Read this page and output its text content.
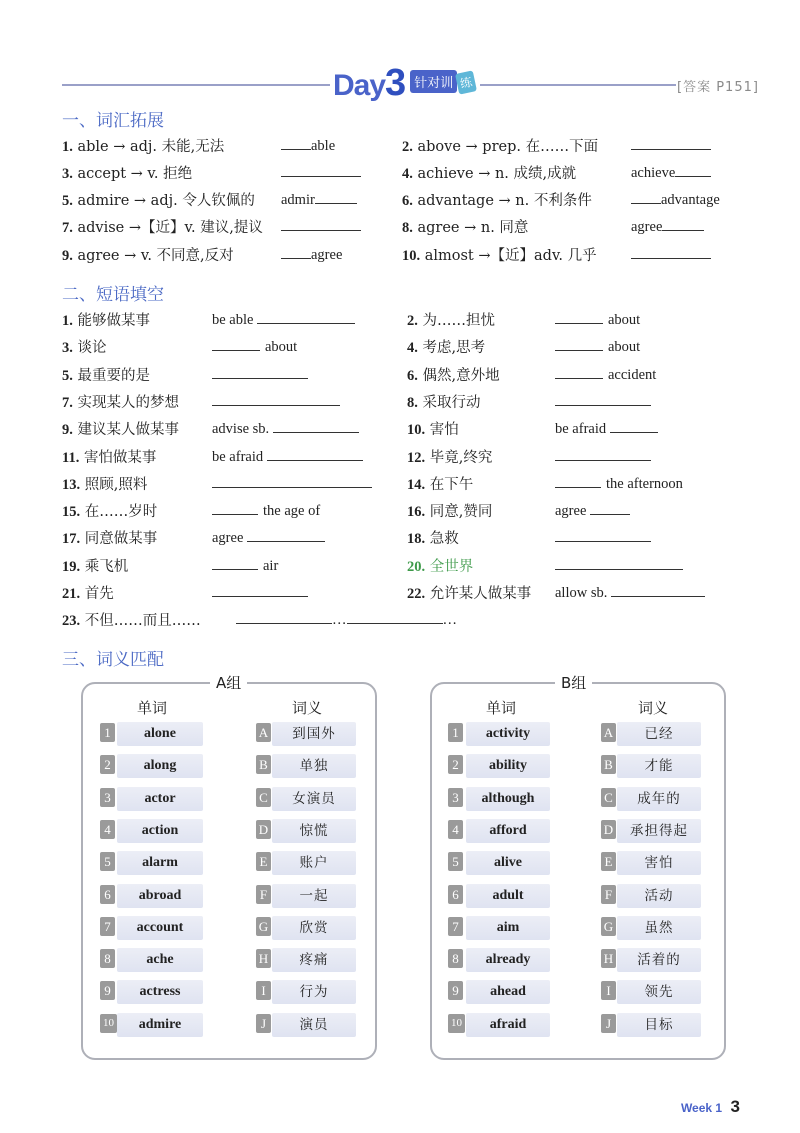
Day3 针对训 练	[答案 P151]
一、词汇拓展
1. able → adj. 未能,无法	able	2. above → prep. 在……下面
3. accept → v. 拒绝	4. achieve → n. 成绩,成就	achieve
5. admire → adj. 令人钦佩的 admir	6. advantage → n. 不利条件	advantage
7. advise →【近】v. 建议,提议	8. agree → n. 同意	agree
9. agree → v. 不同意,反对	agree	10. almost →【近】adv. 几乎
二、短语填空
1. 能够做某事	be able	2. 为……担忧	about
3. 谈论	about	4. 考虑,思考	about
5. 最重要的是	6. 偶然,意外地	accident
7. 实现某人的梦想	8. 采取行动
9. 建议某人做某事 advise sb.	10. 害怕	be afraid
11. 害怕做某事	be afraid	12. 毕竟,终究
13. 照顾,照料	14. 在下午	the afternoon
15. 在……岁时	the age of	16. 同意,赞同	agree
17. 同意做某事	agree	18. 急救
19. 乘飞机	air	20. 全世界
21. 首先	22. 允许某人做某事 allow sb.
23. 不但……而且……	…	…
三、词义匹配
A组
单词	词义
B组
单词	词义
1	alone	A	到国外	1	activity	A	已经
2	along	B	单独	2	ability	B	才能
3	actor	C	女演员	3	although	C	成年的
4	action	D	惊慌	4	afford	D	承担得起
5	alarm	E	账户	5	alive	E	害怕
6	abroad	F	一起	6	adult	F	活动
7	account	G	欣赏	7	aim	G	虽然
8	ache	H	疼痛	8	already	H	活着的
9	actress	I	行为	9	ahead	I	领先
10	admire	J	演员	10	afraid	J	目标
Week 1 3
